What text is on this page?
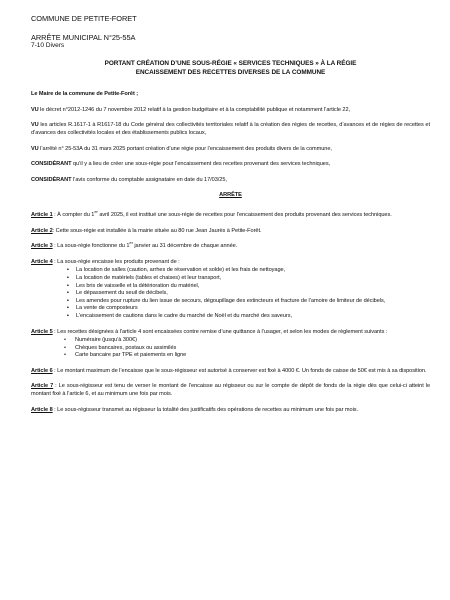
COMMUNE DE PETITE-FORET
ARRÊTE MUNICIPAL N°25-55A
7-10 Divers
PORTANT CRÉATION D’UNE SOUS-RÉGIE « SERVICES TECHNIQUES » À LA RÉGIE
ENCAISSEMENT DES RECETTES DIVERSES DE LA COMMUNE

Le Maire de la commune de Petite-Forêt ;

VU le décret n°2012-1246 du 7 novembre 2012 relatif à la gestion budgétaire et à la comptabilité publique et notamment l’article 22,

VU les articles R.1617-1 à R1617-18 du Code général des collectivités territoriales relatif à la création des régies de recettes, d’avances et de régies de recettes et d’avances des collectivités locales et des établissements publics locaux,

VU l’arrêté n° 25-53A du 31 mars 2025 portant création d’une régie pour l’encaissement des produits divers de la commune,

CONSIDÉRANT qu’il y a lieu de créer une sous-régie pour l’encaissement des recettes provenant des services techniques,

CONSIDÉRANT l’avis conforme du comptable assignataire en date du 17/03/25,

ARRÊTE

Article 1 : À compter du 1er avril 2025, il est institué une sous-régie de recettes pour l’encaissement des produits provenant des services techniques.

Article 2: Cette sous-régie est installée à la mairie située au 80 rue Jean Jaurès à Petite-Forêt.

Article 3 : La sous-régie fonctionne du 1er janvier au 31 décembre de chaque année.

Article 4 : La sous-régie encaisse les produits provenant de :

▪ La location de salles (caution, arrhes de réservation et solde) et les frais de nettoyage,
▪ La location de matériels (tables et chaises) et leur transport,
▪ Les bris de vaisselle et la détérioration du matériel,
▪ Le dépassement du seuil de décibels,
▪ Les amendes pour rupture du lien issue de secours, dégoupillage des extincteurs et fracture de l’amoire de limiteur de décibels,
▪ La vente de composteurs
▪ L’encaissement de cautions dans le cadre du marché de Noël et du marché des saveurs,

Article 5 : Les recettes désignées à l’article 4 sont encaissées contre remise d’une quittance à l’usager, et selon les modes de règlement suivants :

• Numéraire (jusqu’à 300€)
• Chèques bancaires, postaux ou assimilés
• Carte bancaire par TPE et paiements en ligne

Article 6 : Le montant maximum de l’encaisse que le sous-régisseur est autorisé à conserver est fixé à 4000 €. Un fonds de caisse de 50€ est mis à sa disposition.

Article 7 : Le sous-régisseur est tenu de verser le montant de l’encaisse au régisseur ou sur le compte de dépôt de fonds de la régie dès que celui-ci atteint le montant fixé à l’article 6, et au minimum une fois par mois.

Article 8 : Le sous-régisseur transmet au régisseur la totalité des justificatifs des opérations de recettes au minimum une fois par mois.
